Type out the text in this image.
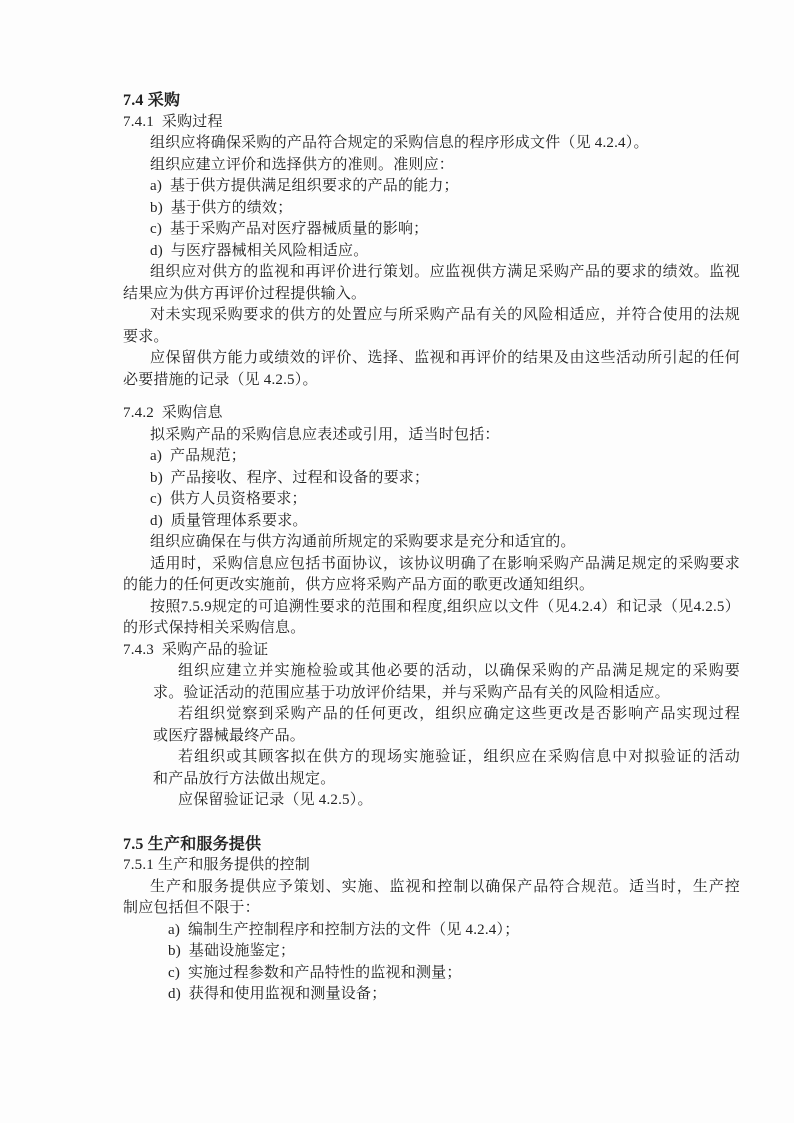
7.4 采购
7.4.1  采购过程
组织应将确保采购的产品符合规定的采购信息的程序形成文件（见 4.2.4）。
组织应建立评价和选择供方的准则。准则应：
a)  基于供方提供满足组织要求的产品的能力；
b)  基于供方的绩效；
c)  基于采购产品对医疗器械质量的影响；
d)  与医疗器械相关风险相适应。
组织应对供方的监视和再评价进行策划。应监视供方满足采购产品的要求的绩效。监视
结果应为供方再评价过程提供输入。
对未实现采购要求的供方的处置应与所采购产品有关的风险相适应，并符合使用的法规
要求。
应保留供方能力或绩效的评价、选择、监视和再评价的结果及由这些活动所引起的任何
必要措施的记录（见 4.2.5）。
7.4.2  采购信息
拟采购产品的采购信息应表述或引用，适当时包括：
a)  产品规范；
b)  产品接收、程序、过程和设备的要求；
c)  供方人员资格要求；
d)  质量管理体系要求。
组织应确保在与供方沟通前所规定的采购要求是充分和适宜的。
适用时，采购信息应包括书面协议，该协议明确了在影响采购产品满足规定的采购要求
的能力的任何更改实施前，供方应将采购产品方面的歌更改通知组织。
按照7.5.9规定的可追溯性要求的范围和程度,组织应以文件（见4.2.4）和记录（见4.2.5）
的形式保持相关采购信息。
7.4.3  采购产品的验证
组织应建立并实施检验或其他必要的活动，以确保采购的产品满足规定的采购要
求。验证活动的范围应基于功放评价结果，并与采购产品有关的风险相适应。
若组织觉察到采购产品的任何更改，组织应确定这些更改是否影响产品实现过程
或医疗器械最终产品。
若组织或其顾客拟在供方的现场实施验证，组织应在采购信息中对拟验证的活动
和产品放行方法做出规定。
应保留验证记录（见 4.2.5）。
7.5 生产和服务提供
7.5.1 生产和服务提供的控制
生产和服务提供应予策划、实施、监视和控制以确保产品符合规范。适当时，生产控
制应包括但不限于：
a)  编制生产控制程序和控制方法的文件（见 4.2.4）；
b)  基础设施鉴定；
c)  实施过程参数和产品特性的监视和测量；
d)  获得和使用监视和测量设备；
